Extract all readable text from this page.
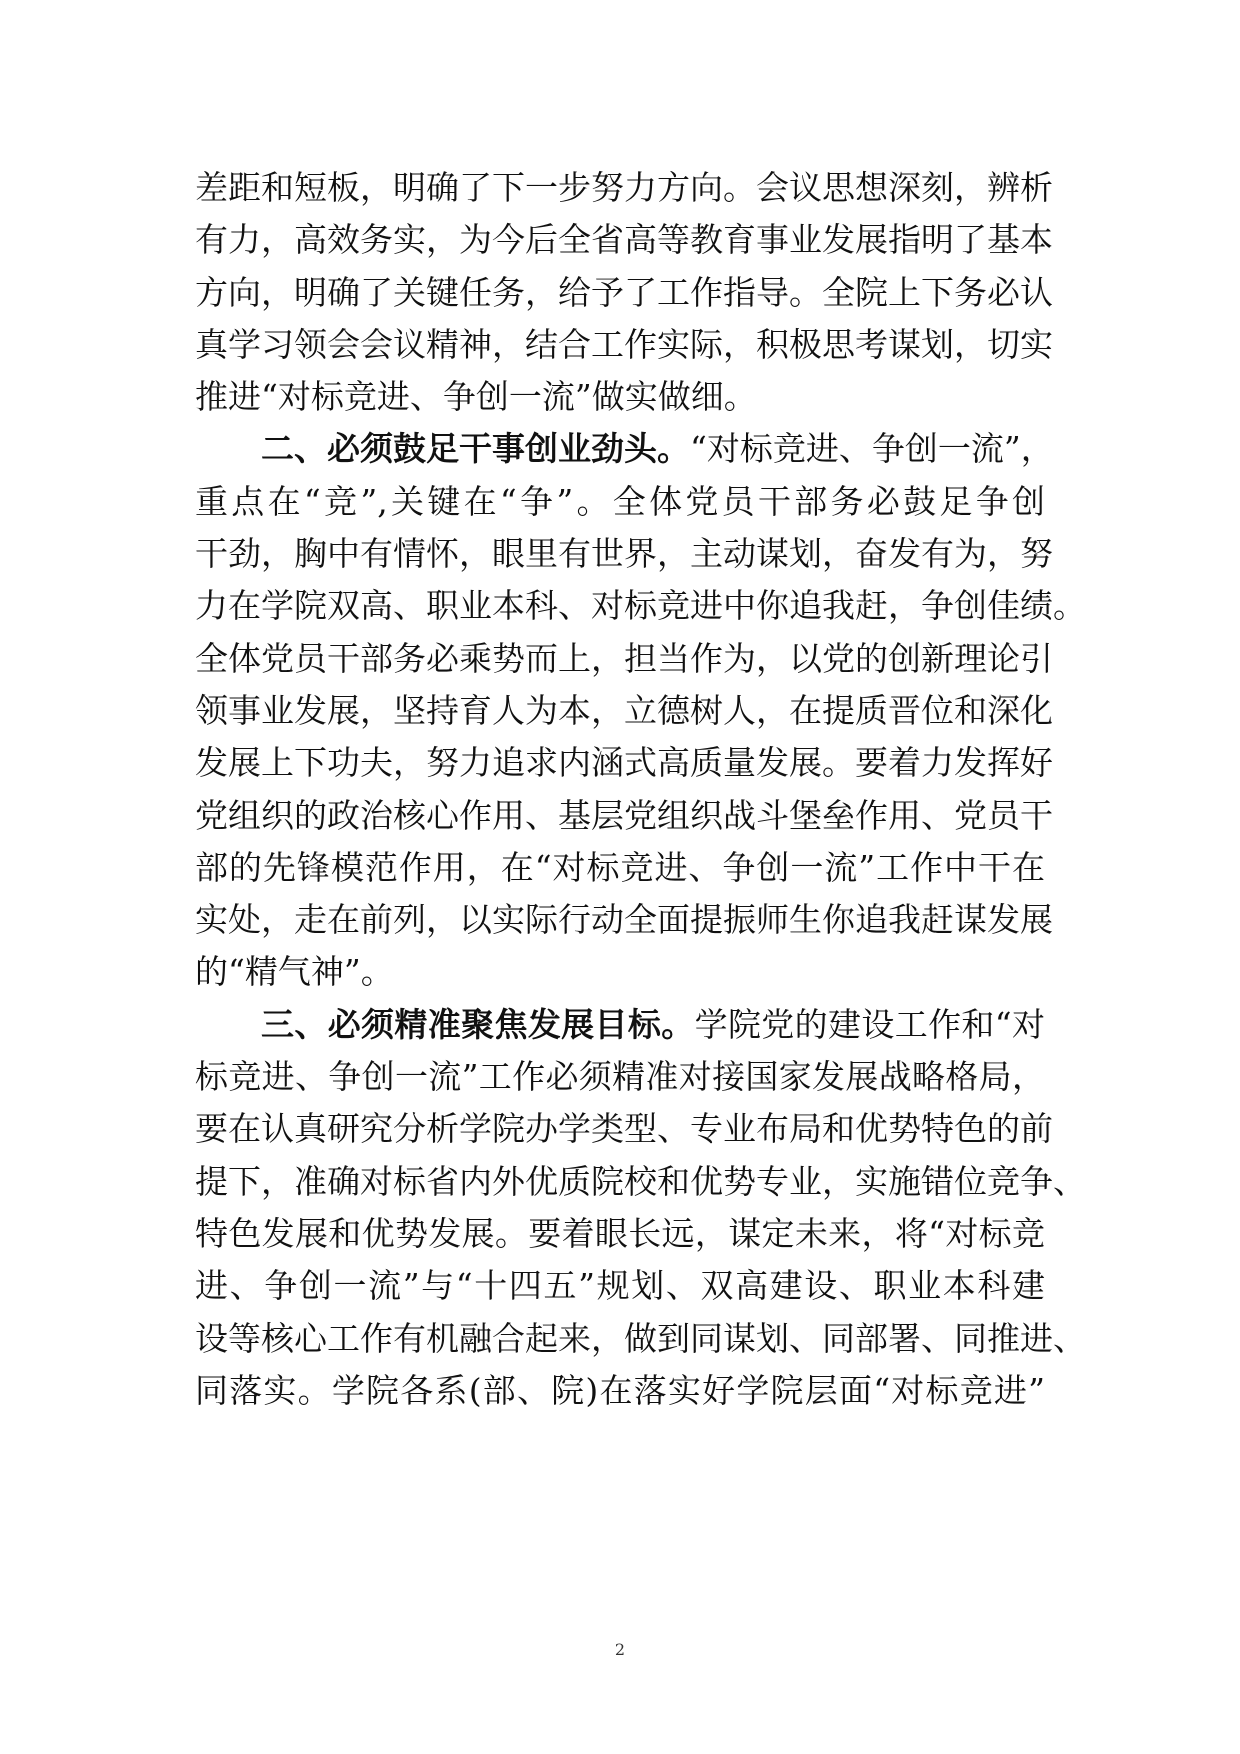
差距和短板，明确了下一步努力方向。会议思想深刻，辨析
有力，高效务实，为今后全省高等教育事业发展指明了基本
方向，明确了关键任务，给予了工作指导。全院上下务必认
真学习领会会议精神，结合工作实际，积极思考谋划，切实
推进“对标竞进、争创一流”做实做细。
二、必须鼓足干事创业劲头。“对标竞进、争创一流”，
重点在“竞”,关键在“争”。全体党员干部务必鼓足争创
干劲，胸中有情怀，眼里有世界，主动谋划，奋发有为，努
力在学院双高、职业本科、对标竞进中你追我赶，争创佳绩。
全体党员干部务必乘势而上，担当作为，以党的创新理论引
领事业发展，坚持育人为本，立德树人，在提质晋位和深化
发展上下功夫，努力追求内涵式高质量发展。要着力发挥好
党组织的政治核心作用、基层党组织战斗堡垒作用、党员干
部的先锋模范作用，在“对标竞进、争创一流”工作中干在
实处，走在前列，以实际行动全面提振师生你追我赶谋发展
的“精气神”。
三、必须精准聚焦发展目标。学院党的建设工作和“对
标竞进、争创一流”工作必须精准对接国家发展战略格局，
要在认真研究分析学院办学类型、专业布局和优势特色的前
提下，准确对标省内外优质院校和优势专业，实施错位竞争、
特色发展和优势发展。要着眼长远，谋定未来，将“对标竞
进、争创一流”与“十四五”规划、双高建设、职业本科建
设等核心工作有机融合起来，做到同谋划、同部署、同推进、
同落实。学院各系(部、院)在落实好学院层面“对标竞进”
2
